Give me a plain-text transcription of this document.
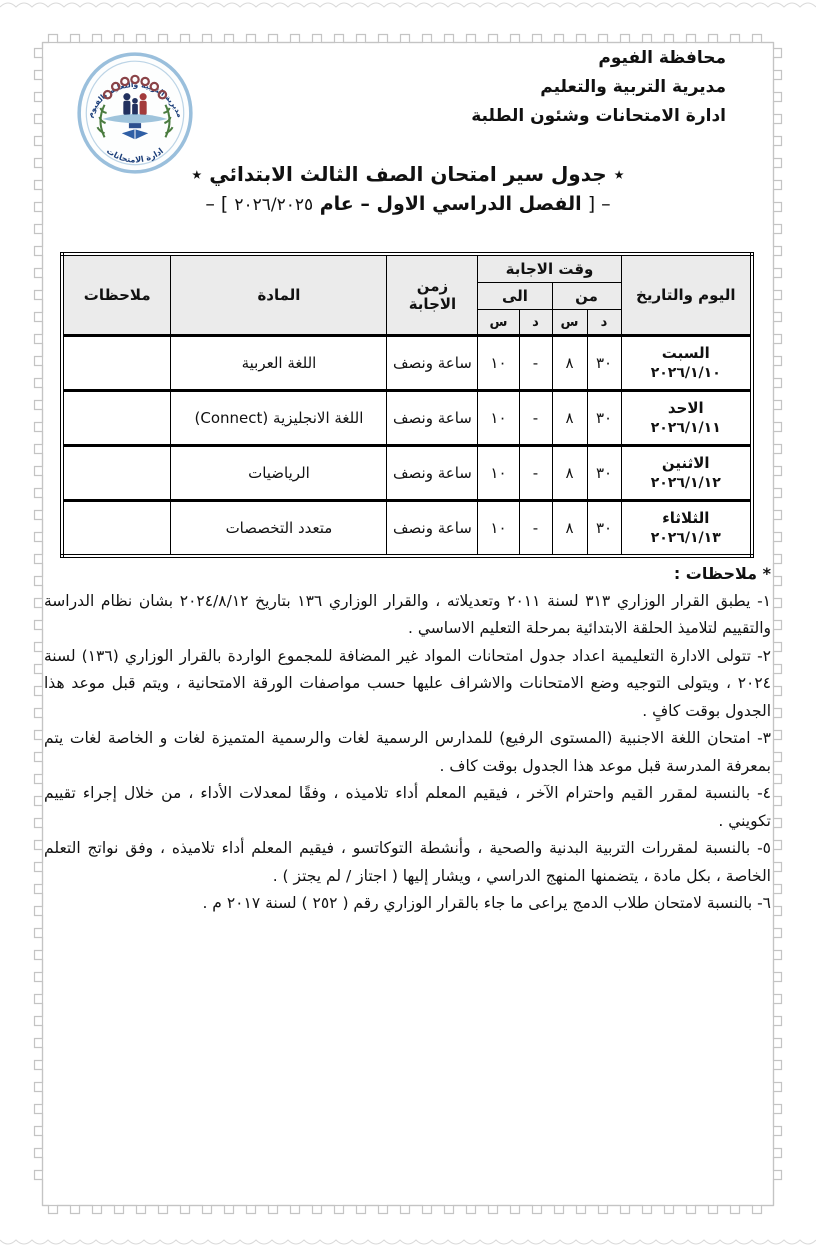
محافظة الفيوم
مديرية التربية والتعليم
ادارة الامتحانات وشئون الطلبة
مديرية التربية والتعليم بالفيوم
ادارة الامتحانات
٭ جدول سير امتحان الصف الثالث الابتدائي ٭
– [ الفصل الدراسي الاول – عام ٢٠٢٦/٢٠٢٥ ] –
اليوم والتاريخ	وقت الاجابة				زمن الاجابة	المادة	ملاحظات
	من		الى				
	د	س	د	س			

السبت
٢٠٢٦/١/١٠	٣٠	٨	-	١٠	ساعة ونصف	اللغة العربية	

الاحد
٢٠٢٦/١/١١	٣٠	٨	-	١٠	ساعة ونصف	اللغة الانجليزية (Connect)	

الاثنين
٢٠٢٦/١/١٢	٣٠	٨	-	١٠	ساعة ونصف	الرياضيات	

الثلاثاء
٢٠٢٦/١/١٣	٣٠	٨	-	١٠	ساعة ونصف	متعدد التخصصات	

* ملاحظات :

١- يطبق القرار الوزاري ٣١٣ لسنة ٢٠١١ وتعديلاته ، والقرار الوزاري ١٣٦ بتاريخ ٢٠٢٤/٨/١٢ بشان نظام الدراسة والتقييم لتلاميذ الحلقة الابتدائية بمرحلة التعليم الاساسي .

٢- تتولى الادارة التعليمية اعداد جدول امتحانات المواد غير المضافة للمجموع الواردة بالقرار الوزاري (١٣٦) لسنة ٢٠٢٤ ، ويتولى التوجيه وضع الامتحانات والاشراف عليها حسب مواصفات الورقة الامتحانية ، ويتم قبل موعد هذا الجدول بوقت كافٍ .

٣- امتحان اللغة الاجنبية (المستوى الرفيع) للمدارس الرسمية لغات والرسمية المتميزة لغات و الخاصة لغات يتم بمعرفة المدرسة قبل موعد هذا الجدول بوقت كاف .

٤- بالنسبة لمقرر القيم واحترام الآخر ، فيقيم المعلم أداء تلاميذه ، وفقًا لمعدلات الأداء ، من خلال إجراء تقييم تكويني .

٥- بالنسبة لمقررات التربية البدنية والصحية ، وأنشطة التوكاتسو ، فيقيم المعلم أداء تلاميذه ، وفق نواتج التعلم الخاصة ، بكل مادة ، يتضمنها المنهج الدراسي ، ويشار إليها ( اجتاز / لم يجتز ) .

٦- بالنسبة لامتحان طلاب الدمج يراعى ما جاء بالقرار الوزاري رقم ( ٢٥٢ ) لسنة ٢٠١٧ م .
